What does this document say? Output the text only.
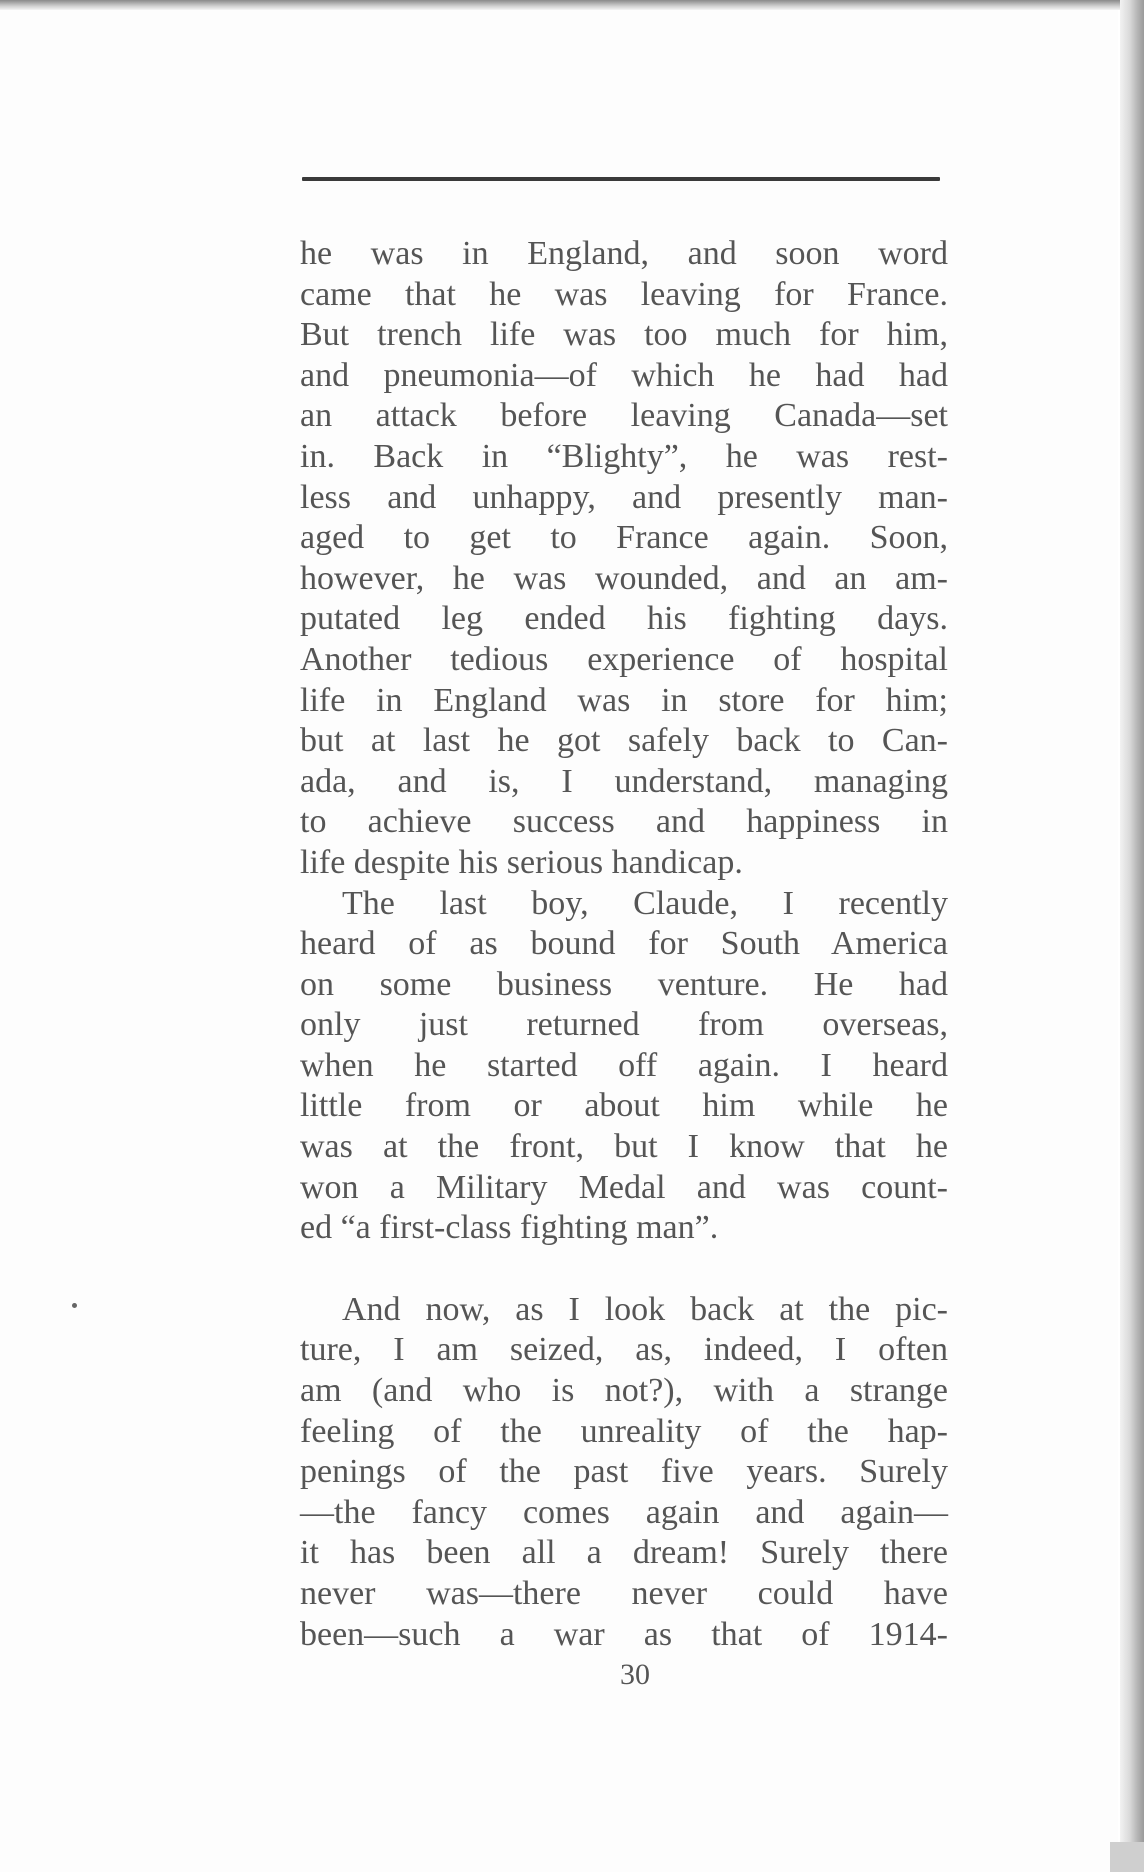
he was in England, and soon word
came that he was leaving for France.
But trench life was too much for him,
and pneumonia—of which he had had
an attack before leaving Canada—set
in. Back in “Blighty”, he was rest-
less and unhappy, and presently man-
aged to get to France again. Soon,
however, he was wounded, and an am-
putated leg ended his fighting days.
Another tedious experience of hospital
life in England was in store for him;
but at last he got safely back to Can-
ada, and is, I understand, managing
to achieve success and happiness in
life despite his serious handicap.
The last boy, Claude, I recently
heard of as bound for South America
on some business venture. He had
only just returned from overseas,
when he started off again. I heard
little from or about him while he
was at the front, but I know that he
won a Military Medal and was count-
ed “a first-class fighting man”.
And now, as I look back at the pic-
ture, I am seized, as, indeed, I often
am (and who is not?), with a strange
feeling of the unreality of the hap-
penings of the past five years. Surely
—the fancy comes again and again—
it has been all a dream! Surely there
never was—there never could have
been—such a war as that of 1914-
30
